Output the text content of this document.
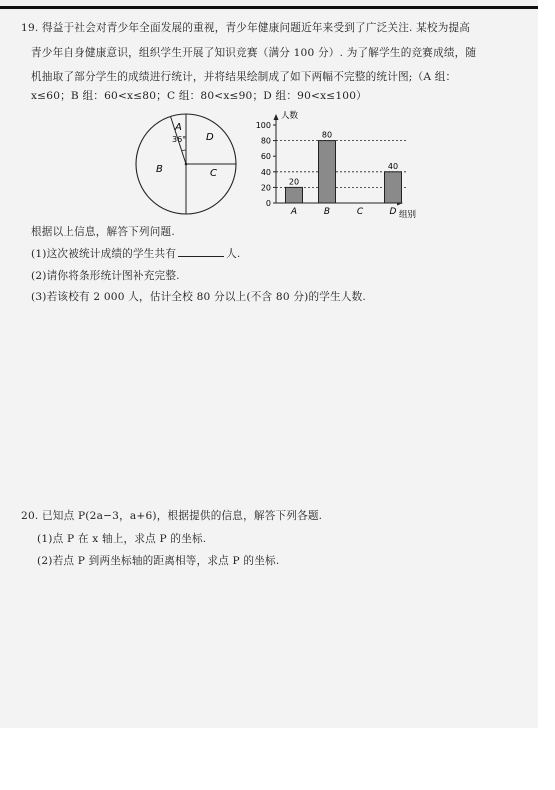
19. 得益于社会对青少年全面发展的重视，青少年健康问题近年来受到了广泛关注. 某校为提高
青少年自身健康意识，组织学生开展了知识竞赛（满分 100 分）. 为了解学生的竞赛成绩，随
机抽取了部分学生的成绩进行统计，并将结果绘制成了如下两幅不完整的统计图;（A 组：
x≤60；B 组：60<x≤80；C 组：80<x≤90；D 组：90<x≤100）
A
36° D
B	C
人数
组别
0
20
40
60
80
100
A	B	C	D
20
80
40
根据以上信息，解答下列问题.
(1)这次被统计成绩的学生共有	人.
(2)请你将条形统计图补充完整.
(3)若该校有 2 000 人，估计全校 80 分以上(不含 80 分)的学生人数.
20. 已知点 P(2a−3，a+6)，根据提供的信息，解答下列各题.
(1)点 P 在 x 轴上，求点 P 的坐标.
(2)若点 P 到两坐标轴的距离相等，求点 P 的坐标.
